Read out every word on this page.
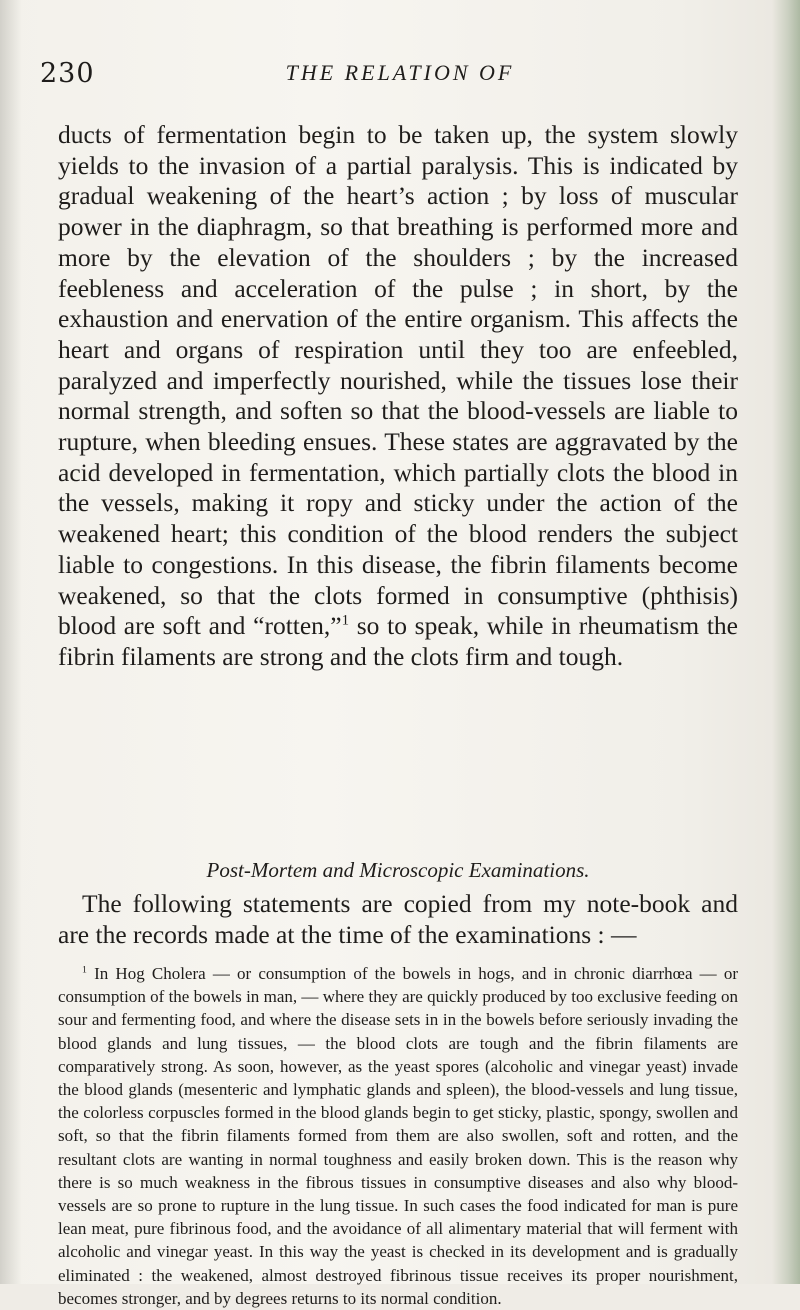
230	THE RELATION OF

ducts of fermentation begin to be taken up, the system slowly yields to the invasion of a partial paralysis. This is indicated by gradual weakening of the heart’s action ; by loss of muscular power in the diaphragm, so that breathing is performed more and more by the elevation of the shoulders ; by the increased feebleness and acceleration of the pulse ; in short, by the exhaustion and enervation of the entire organism. This affects the heart and organs of respiration until they too are enfeebled, paralyzed and imperfectly nourished, while the tissues lose their normal strength, and soften so that the blood-vessels are liable to rupture, when bleeding ensues. These states are aggravated by the acid developed in fermentation, which partially clots the blood in the vessels, making it ropy and sticky under the action of the weakened heart; this condition of the blood renders the subject liable to congestions. In this disease, the fibrin filaments become weakened, so that the clots formed in consumptive (phthisis) blood are soft and “rotten,”$^1$ so to speak, while in rheumatism the fibrin filaments are strong and the clots firm and tough.

Post-Mortem and Microscopic Examinations.
The following statements are copied from my note-book and are the records made at the time of the examinations : —
$^1$ In Hog Cholera — or consumption of the bowels in hogs, and in chronic diarrhœa — or consumption of the bowels in man, — where they are quickly produced by too exclusive feeding on sour and fermenting food, and where the disease sets in in the bowels before seriously invading the blood glands and lung tissues, — the blood clots are tough and the fibrin filaments are comparatively strong. As soon, however, as the yeast spores (alcoholic and vinegar yeast) invade the blood glands (mesenteric and lymphatic glands and spleen), the blood-vessels and lung tissue, the colorless corpuscles formed in the blood glands begin to get sticky, plastic, spongy, swollen and soft, so that the fibrin filaments formed from them are also swollen, soft and rotten, and the resultant clots are wanting in normal toughness and easily broken down. This is the reason why there is so much weakness in the fibrous tissues in consumptive diseases and also why blood-vessels are so prone to rupture in the lung tissue. In such cases the food indicated for man is pure lean meat, pure fibrinous food, and the avoidance of all alimentary material that will ferment with alcoholic and vinegar yeast. In this way the yeast is checked in its development and is gradually eliminated : the weakened, almost destroyed fibrinous tissue receives its proper nourishment, becomes stronger, and by degrees returns to its normal condition.
